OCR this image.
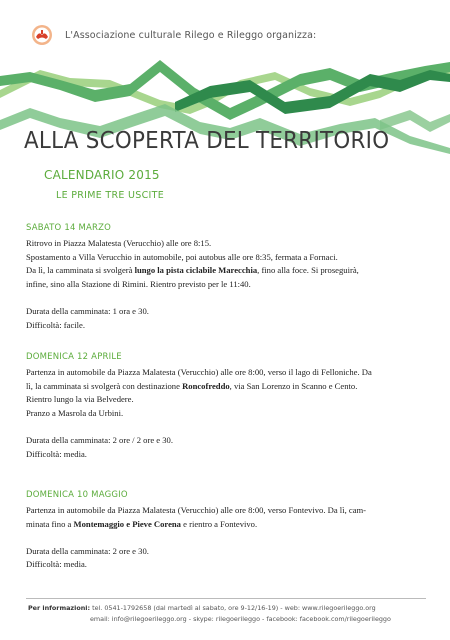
L'Associazione culturale Rilego e Rileggo organizza:
ALLA SCOPERTA DEL TERRITORIO
CALENDARIO 2015
LE PRIME TRE USCITE
SABATO 14 MARZO
Ritrovo in Piazza Malatesta (Verucchio) alle ore 8:15.
Spostamento a Villa Verucchio in automobile, poi autobus alle ore 8:35, fermata a Fornaci.
Da lì, la camminata si svolgerà lungo la pista ciclabile Marecchia, fino alla foce. Si proseguirà,
infine, sino alla Stazione di Rimini. Rientro previsto per le 11:40.
Durata della camminata: 1 ora e 30.
Difficoltà: facile.
DOMENICA 12 APRILE
Partenza in automobile da Piazza Malatesta (Verucchio) alle ore 8:00, verso il lago di Felloniche. Da
lì, la camminata si svolgerà con destinazione Roncofreddo, via San Lorenzo in Scanno e Cento.
Rientro lungo la via Belvedere.
Pranzo a Masrola da Urbini.
Durata della camminata: 2 ore / 2 ore e 30.
Difficoltà: media.
DOMENICA 10 MAGGIO
Partenza in automobile da Piazza Malatesta (Verucchio) alle ore 8:00, verso Fontevivo. Da lì, cam-
minata fino a Montemaggio e Pieve Corena e rientro a Fontevivo.
Durata della camminata: 2 ore e 30.
Difficoltà: media.
Per informazioni: tel. 0541-1792658 (dal martedì al sabato, ore 9-12/16-19) - web: www.rilegoerileggo.org
email: info@rilegoerileggo.org - skype: rilegoerileggo - facebook: facebook.com/rilegoerileggo
